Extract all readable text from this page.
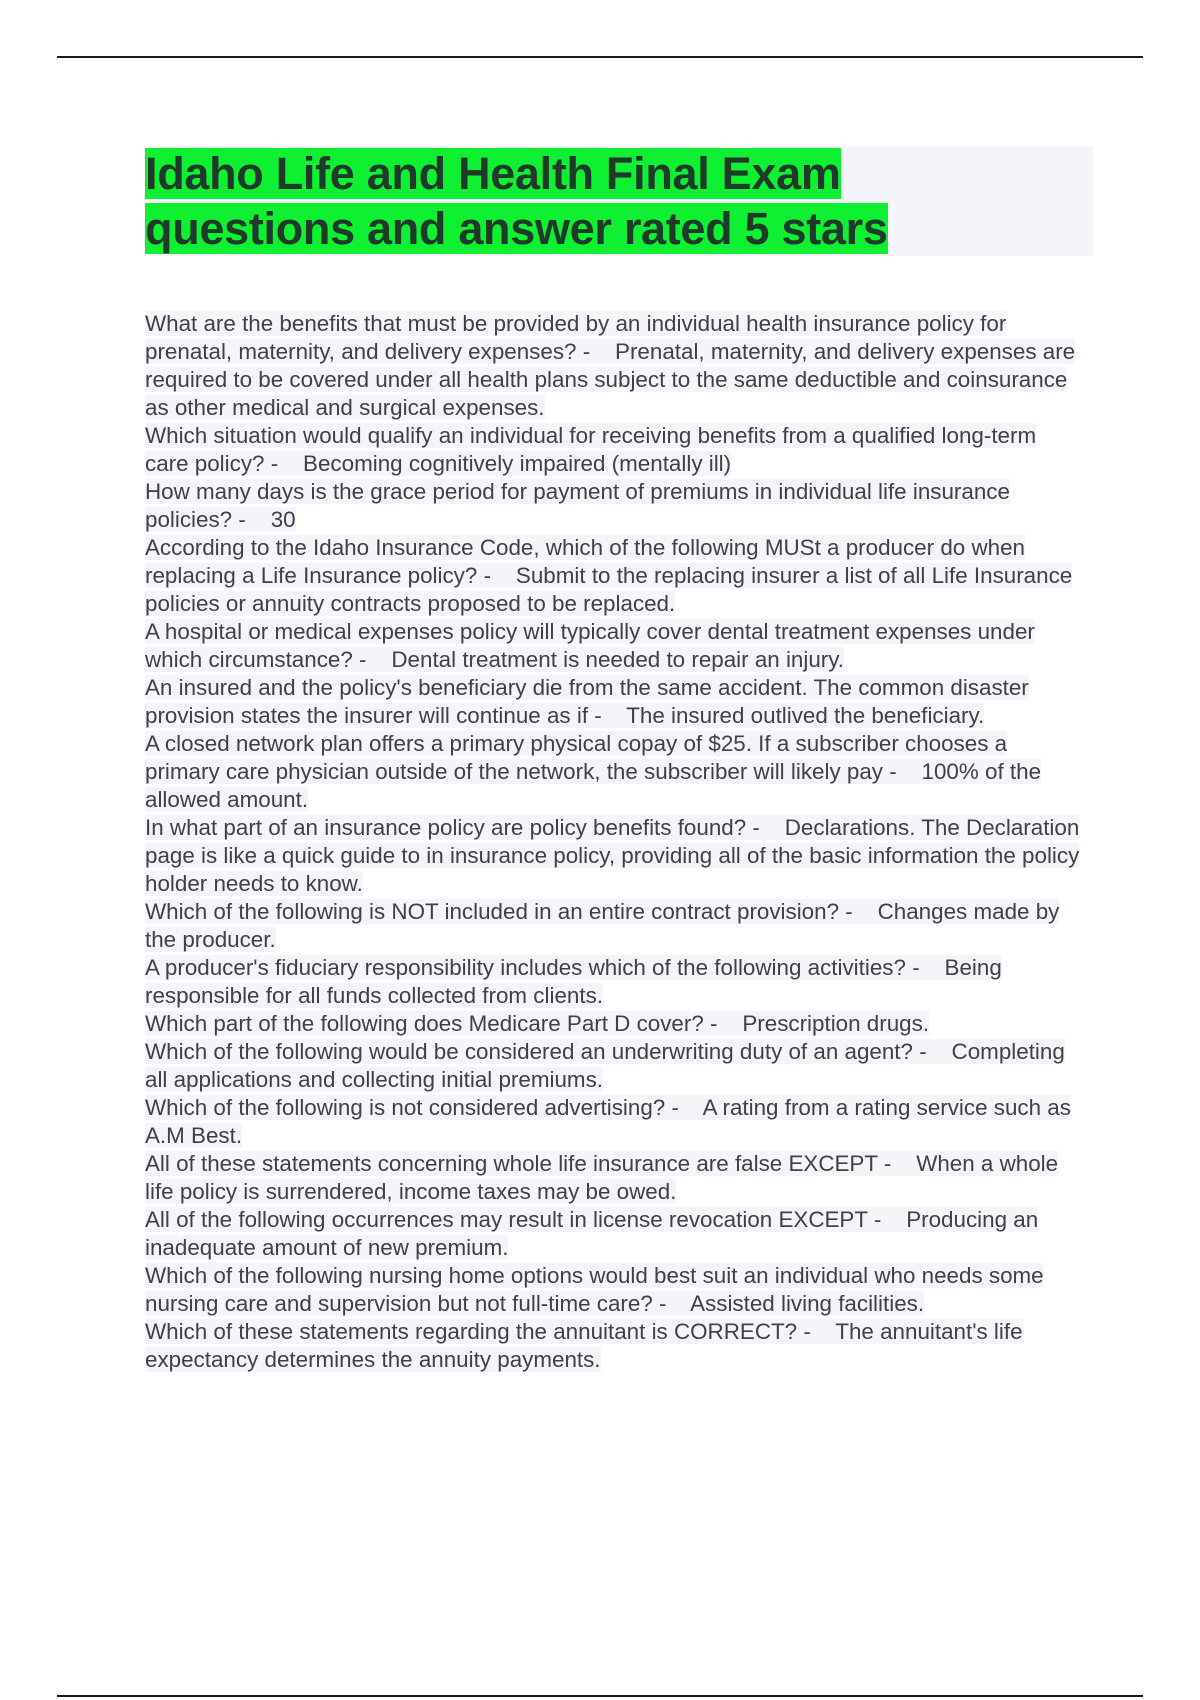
Idaho Life and Health Final Exam
questions and answer rated 5 stars

What are the benefits that must be provided by an individual health insurance policy for prenatal, maternity, and delivery expenses? -    Prenatal, maternity, and delivery expenses are required to be covered under all health plans subject to the same deductible and coinsurance as other medical and surgical expenses.

Which situation would qualify an individual for receiving benefits from a qualified long-term care policy? -    Becoming cognitively impaired (mentally ill)

How many days is the grace period for payment of premiums in individual life insurance policies? -    30

According to the Idaho Insurance Code, which of the following MUSt a producer do when replacing a Life Insurance policy? -    Submit to the replacing insurer a list of all Life Insurance policies or annuity contracts proposed to be replaced.

A hospital or medical expenses policy will typically cover dental treatment expenses under which circumstance? -    Dental treatment is needed to repair an injury.

An insured and the policy's beneficiary die from the same accident. The common disaster provision states the insurer will continue as if -    The insured outlived the beneficiary.

A closed network plan offers a primary physical copay of $25. If a subscriber chooses a primary care physician outside of the network, the subscriber will likely pay -    100% of the allowed amount.

In what part of an insurance policy are policy benefits found? -    Declarations. The Declaration page is like a quick guide to in insurance policy, providing all of the basic information the policy holder needs to know.

Which of the following is NOT included in an entire contract provision? -    Changes made by the producer.

A producer's fiduciary responsibility includes which of the following activities? -    Being responsible for all funds collected from clients.

Which part of the following does Medicare Part D cover? -    Prescription drugs.

Which of the following would be considered an underwriting duty of an agent? -    Completing all applications and collecting initial premiums.

Which of the following is not considered advertising? -    A rating from a rating service such as A.M Best.

All of these statements concerning whole life insurance are false EXCEPT -    When a whole life policy is surrendered, income taxes may be owed.

All of the following occurrences may result in license revocation EXCEPT -    Producing an inadequate amount of new premium.

Which of the following nursing home options would best suit an individual who needs some nursing care and supervision but not full-time care? -    Assisted living facilities.

Which of these statements regarding the annuitant is CORRECT? -    The annuitant's life expectancy determines the annuity payments.
